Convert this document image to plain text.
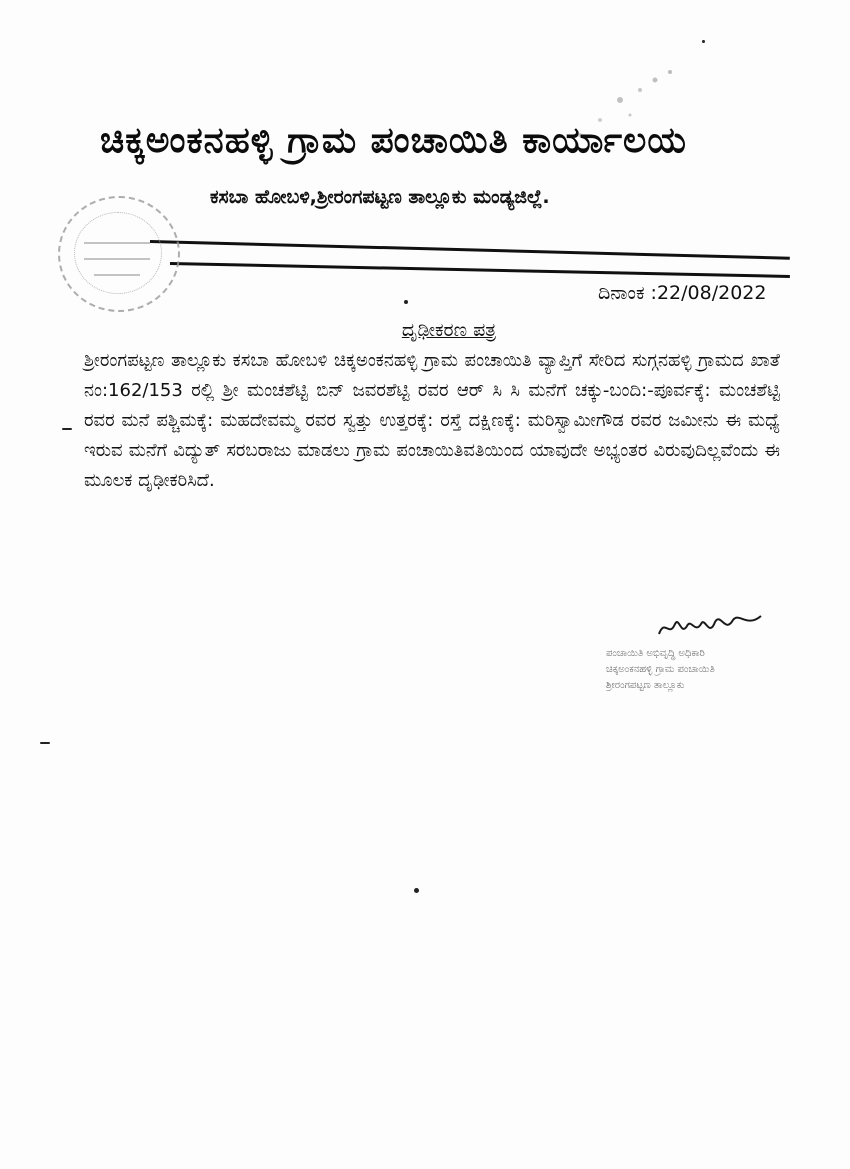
ಚಿಕ್ಕಅಂಕನಹಳ್ಳಿ ಗ್ರಾಮ ಪಂಚಾಯಿತಿ ಕಾರ್ಯಾಲಯ
ಕಸಬಾ ಹೋಬಳಿ,ಶ್ರೀರಂಗಪಟ್ಟಣ ತಾಲ್ಲೂಕು ಮಂಡ್ಯಜಿಲ್ಲೆ.
ದಿನಾಂಕ :22/08/2022
ದೃಢೀಕರಣ ಪತ್ರ
ಶ್ರೀರಂಗಪಟ್ಟಣ ತಾಲ್ಲೂಕು ಕಸಬಾ ಹೋಬಳಿ ಚಿಕ್ಕಅಂಕನಹಳ್ಳಿ ಗ್ರಾಮ ಪಂಚಾಯಿತಿ ವ್ಯಾಪ್ತಿಗೆ ಸೇರಿದ ಸುಗ್ಗನಹಳ್ಳಿ ಗ್ರಾಮದ ಖಾತೆ ನಂ:162/153 ರಲ್ಲಿ ಶ್ರೀ ಮಂಚಶೆಟ್ಟಿ ಬಿನ್ ಜವರಶೆಟ್ಟಿ ರವರ ಆರ್ ಸಿ ಸಿ ಮನೆಗೆ ಚಕ್ಕು-ಬಂದಿ:-ಪೂರ್ವಕ್ಕೆ: ಮಂಚಶೆಟ್ಟಿ ರವರ ಮನೆ ಪಶ್ಚಿಮಕ್ಕೆ: ಮಹದೇವಮ್ಮ ರವರ ಸ್ವತ್ತು ಉತ್ತರಕ್ಕೆ: ರಸ್ತೆ ದಕ್ಷಿಣಕ್ಕೆ: ಮರಿಸ್ವಾಮೀಗೌಡ ರವರ ಜಮೀನು ಈ ಮಧ್ಯೆ ಇರುವ ಮನೆಗೆ ವಿದ್ಯುತ್ ಸರಬರಾಜು ಮಾಡಲು ಗ್ರಾಮ ಪಂಚಾಯಿತಿವತಿಯಿಂದ ಯಾವುದೇ ಅಭ್ಯಂತರ ವಿರುವುದಿಲ್ಲವೆಂದು ಈ ಮೂಲಕ ದೃಢೀಕರಿಸಿದೆ.
ಪಂಚಾಯಿತಿ ಅಭಿವೃದ್ಧಿ ಅಧಿಕಾರಿ
ಚಿಕ್ಕಅಂಕನಹಳ್ಳಿ ಗ್ರಾಮ ಪಂಚಾಯಿತಿ
ಶ್ರೀರಂಗಪಟ್ಟಣ ತಾಲ್ಲೂಕು
